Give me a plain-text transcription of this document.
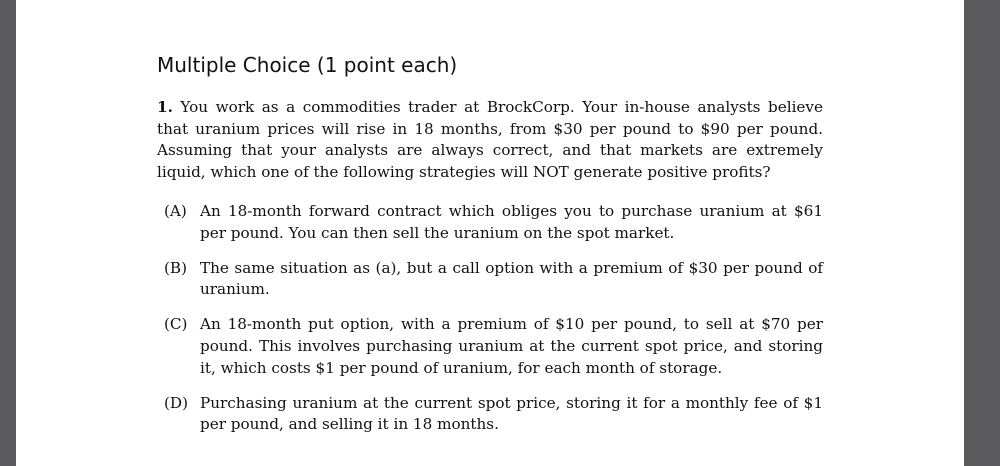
Multiple Choice (1 point each)
1. You work as a commodities trader at BrockCorp. Your in-house analysts believe that uranium prices will rise in 18 months, from $30 per pound to $90 per pound. Assuming that your analysts are always correct, and that markets are extremely liquid, which one of the following strategies will NOT generate positive profits?
(A) An 18-month forward contract which obliges you to purchase uranium at $61 per pound. You can then sell the uranium on the spot market.
(B) The same situation as (a), but a call option with a premium of $30 per pound of uranium.
(C) An 18-month put option, with a premium of $10 per pound, to sell at $70 per pound. This involves purchasing uranium at the current spot price, and storing it, which costs $1 per pound of uranium, for each month of storage.
(D) Purchasing uranium at the current spot price, storing it for a monthly fee of $1 per pound, and selling it in 18 months.
